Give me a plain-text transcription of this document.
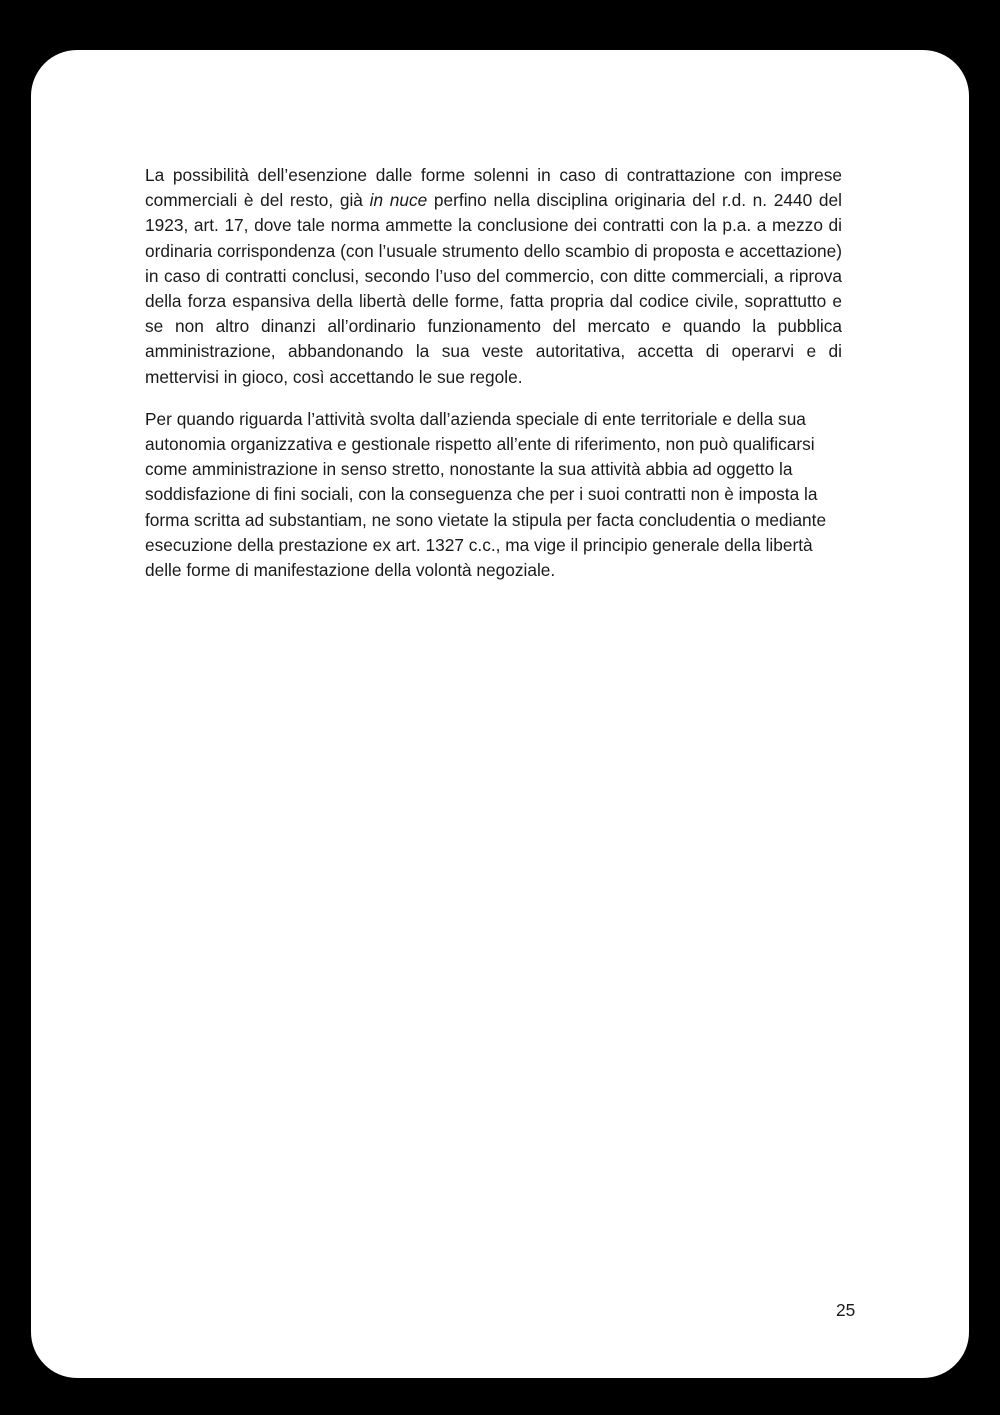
La possibilità dell’esenzione dalle forme solenni in caso di contrattazione con imprese commerciali è del resto, già in nuce perfino nella disciplina originaria del r.d. n. 2440 del 1923, art. 17, dove tale norma ammette la conclusione dei contratti con la p.a. a mezzo di ordinaria corrispondenza (con l’usuale strumento dello scambio di proposta e accettazione) in caso di contratti conclusi, secondo l’uso del commercio, con ditte commerciali, a riprova della forza espansiva della libertà delle forme, fatta propria dal codice civile, soprattutto e se non altro dinanzi all’ordinario funzionamento del mercato e quando la pubblica amministrazione, abbandonando la sua veste autoritativa, accetta di operarvi e di mettervisi in gioco, così accettando le sue regole.

Per quando riguarda l’attività svolta dall’azienda speciale di ente territoriale e della sua autonomia organizzativa e gestionale rispetto all’ente di riferimento, non può qualificarsi come amministrazione in senso stretto, nonostante la sua attività abbia ad oggetto la soddisfazione di fini sociali, con la conseguenza che per i suoi contratti non è imposta la forma scritta ad substantiam, ne sono vietate la stipula per facta concludentia o mediante esecuzione della prestazione ex art. 1327 c.c., ma vige il principio generale della libertà delle forme di manifestazione della volontà negoziale.

25
